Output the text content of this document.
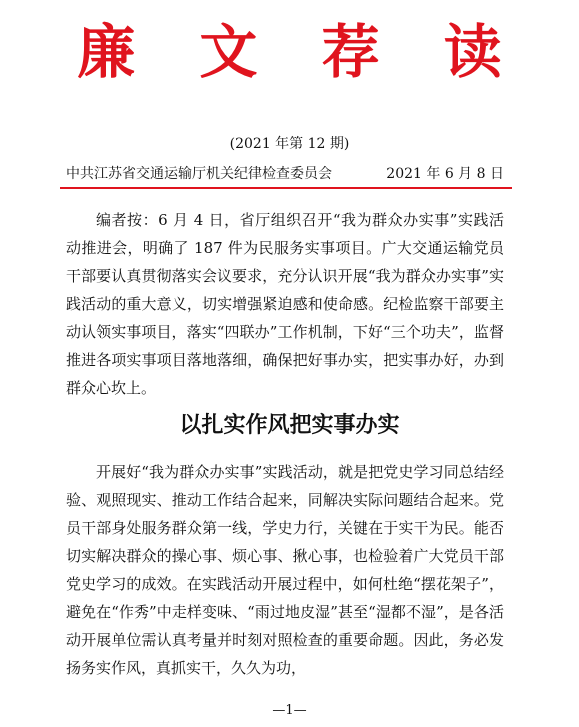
廉 文 荐 读
(2021 年第 12 期)
中共江苏省交通运输厅机关纪律检查委员会	2021 年 6 月 8 日

编者按：6 月 4 日，省厅组织召开“我为群众办实事”实践活动推进会，明确了 187 件为民服务实事项目。广大交通运输党员干部要认真贯彻落实会议要求，充分认识开展“我为群众办实事”实践活动的重大意义，切实增强紧迫感和使命感。纪检监察干部要主动认领实事项目，落实“四联办”工作机制，下好“三个功夫”，监督推进各项实事项目落地落细，确保把好事办实，把实事办好，办到群众心坎上。

以扎实作风把实事办实

开展好“我为群众办实事”实践活动，就是把党史学习同总结经验、观照现实、推动工作结合起来，同解决实际问题结合起来。党员干部身处服务群众第一线，学史力行，关键在于实干为民。能否切实解决群众的操心事、烦心事、揪心事，也检验着广大党员干部党史学习的成效。在实践活动开展过程中，如何杜绝“摆花架子”，避免在“作秀”中走样变味、“雨过地皮湿”甚至“湿都不湿”，是各活动开展单位需认真考量并时刻对照检查的重要命题。因此，务必发扬务实作风，真抓实干，久久为功，

—1—
